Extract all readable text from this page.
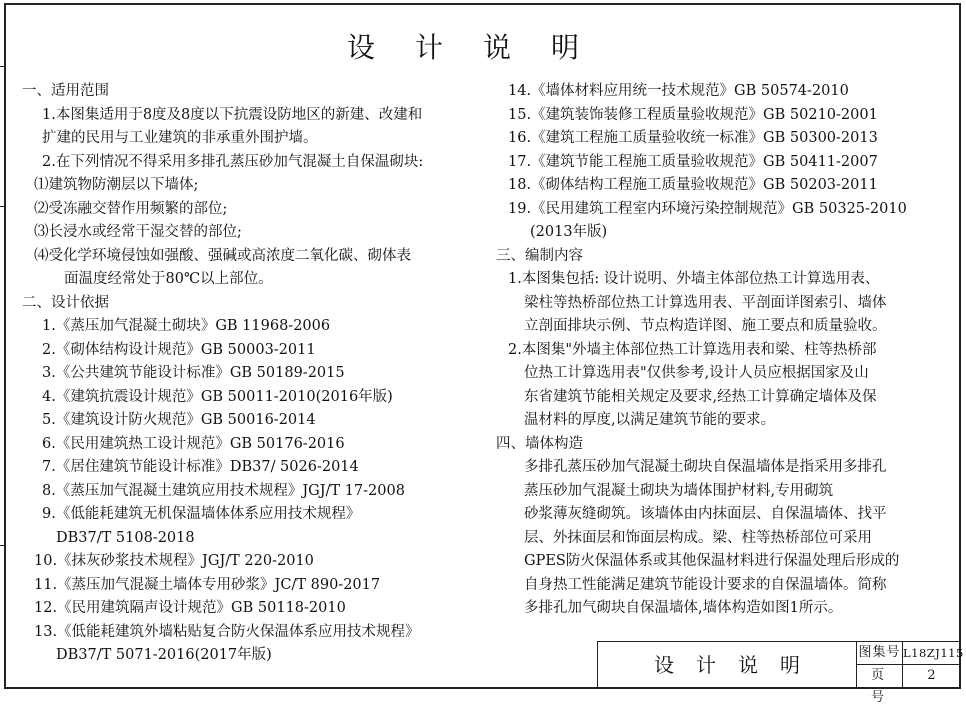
设计说明
一、适用范围
1.本图集适用于8度及8度以下抗震设防地区的新建、改建和
扩建的民用与工业建筑的非承重外围护墙。
2.在下列情况不得采用多排孔蒸压砂加气混凝土自保温砌块:
⑴建筑物防潮层以下墙体;
⑵受冻融交替作用频繁的部位;
⑶长浸水或经常干湿交替的部位;
⑷受化学环境侵蚀如强酸、强碱或高浓度二氧化碳、砌体表
面温度经常处于80℃以上部位。
二、设计依据
1.《蒸压加气混凝土砌块》GB 11968-2006
2.《砌体结构设计规范》GB 50003-2011
3.《公共建筑节能设计标准》GB 50189-2015
4.《建筑抗震设计规范》GB 50011-2010(2016年版)
5.《建筑设计防火规范》GB 50016-2014
6.《民用建筑热工设计规范》GB 50176-2016
7.《居住建筑节能设计标准》DB37/ 5026-2014
8.《蒸压加气混凝土建筑应用技术规程》JGJ/T 17-2008
9.《低能耗建筑无机保温墙体体系应用技术规程》
DB37/T 5108-2018
10.《抹灰砂浆技术规程》JGJ/T 220-2010
11.《蒸压加气混凝土墙体专用砂浆》JC/T 890-2017
12.《民用建筑隔声设计规范》GB 50118-2010
13.《低能耗建筑外墙粘贴复合防火保温体系应用技术规程》
DB37/T 5071-2016(2017年版)
14.《墙体材料应用统一技术规范》GB 50574-2010
15.《建筑装饰装修工程质量验收规范》GB 50210-2001
16.《建筑工程施工质量验收统一标准》GB 50300-2013
17.《建筑节能工程施工质量验收规范》GB 50411-2007
18.《砌体结构工程施工质量验收规范》GB 50203-2011
19.《民用建筑工程室内环境污染控制规范》GB 50325-2010
(2013年版)
三、编制内容
1.本图集包括: 设计说明、外墙主体部位热工计算选用表、
梁柱等热桥部位热工计算选用表、平剖面详图索引、墙体
立剖面排块示例、节点构造详图、施工要点和质量验收。
2.本图集"外墙主体部位热工计算选用表和梁、柱等热桥部
位热工计算选用表"仅供参考,设计人员应根据国家及山
东省建筑节能相关规定及要求,经热工计算确定墙体及保
温材料的厚度,以满足建筑节能的要求。
四、墙体构造
多排孔蒸压砂加气混凝土砌块自保温墙体是指采用多排孔
蒸压砂加气混凝土砌块为墙体围护材料,专用砌筑
砂浆薄灰缝砌筑。该墙体由内抹面层、自保温墙体、找平
层、外抹面层和饰面层构成。梁、柱等热桥部位可采用
GPES防火保温体系或其他保温材料进行保温处理后形成的
自身热工性能满足建筑节能设计要求的自保温墙体。简称
多排孔加气砌块自保温墙体,墙体构造如图1所示。
设计说明
图集号 L18ZJ115
页号
2
